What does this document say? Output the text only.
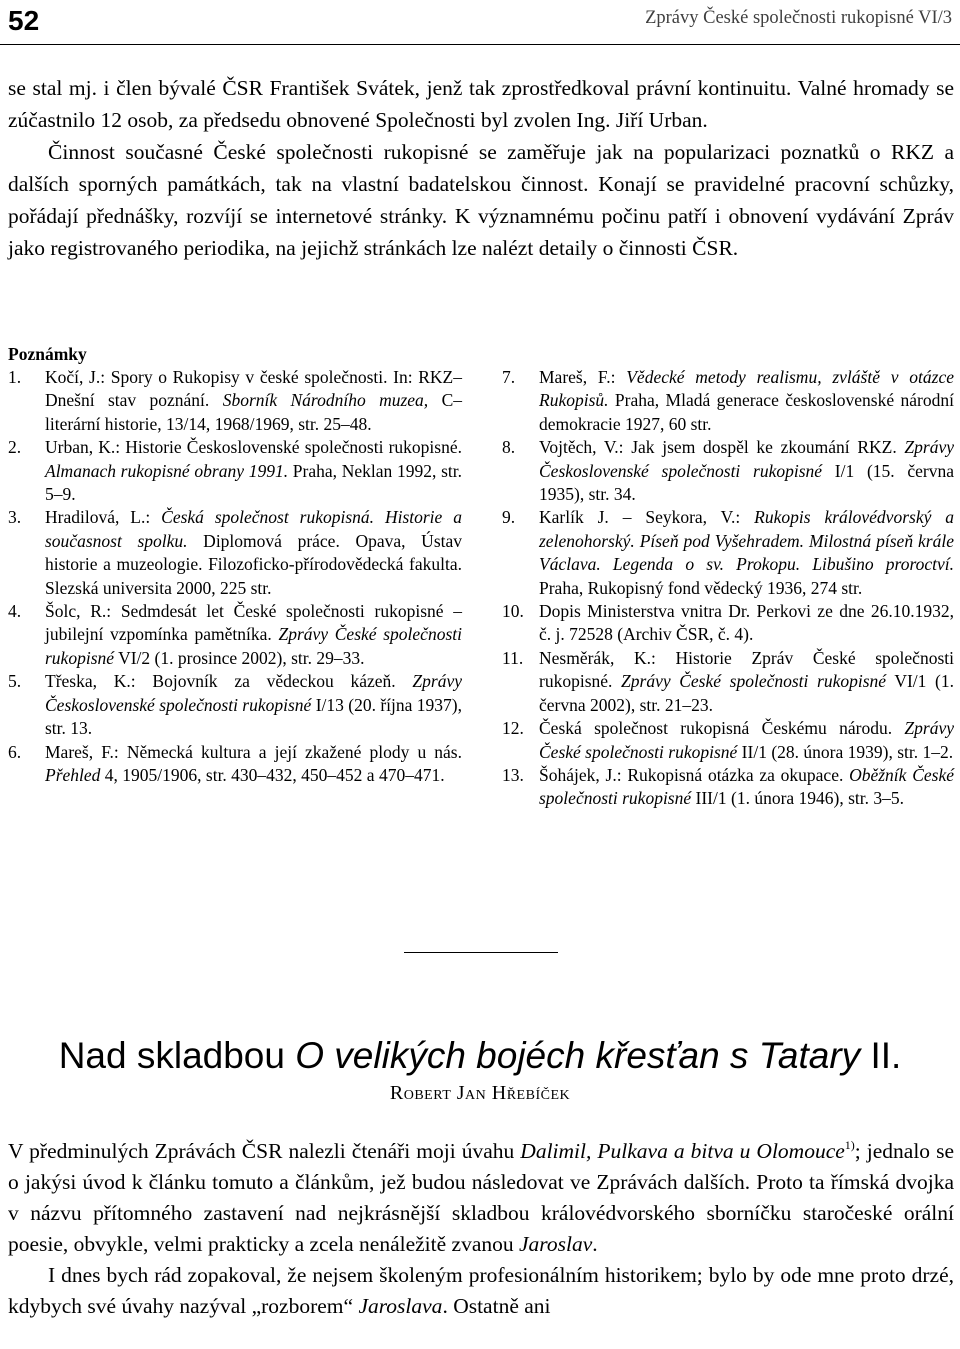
52	Zprávy České společnosti rukopisné VI/3

se stal mj. i člen bývalé ČSR František Svátek, jenž tak zprostředkoval právní kontinuitu. Valné hromady se zúčastnilo 12 osob, za předsedu obnovené Společnosti byl zvolen Ing. Jiří Urban.

Činnost současné České společnosti rukopisné se zaměřuje jak na popularizaci poznatků o RKZ a dalších sporných památkách, tak na vlastní badatelskou činnost. Konají se pravidelné pracovní schůzky, pořádají přednášky, rozvíjí se internetové stránky. K významnému počinu patří i obnovení vydávání Zpráv jako registrovaného periodika, na jejichž stránkách lze nalézt detaily o činnosti ČSR.

Poznámky
1. Kočí, J.: Spory o Rukopisy v české společnosti. In: RKZ–Dnešní stav poznání. Sborník Národního muzea, C–literární historie, 13/14, 1968/1969, str. 25–48.
2. Urban, K.: Historie Československé společnosti rukopisné. Almanach rukopisné obrany 1991. Praha, Neklan 1992, str. 5–9.
3. Hradilová, L.: Česká společnost rukopisná. Historie a současnost spolku. Diplomová práce. Opava, Ústav historie a muzeologie. Filozoficko-přírodovědecká fakulta. Slezská universita 2000, 225 str.
4. Šolc, R.: Sedmdesát let České společnosti rukopisné – jubilejní vzpomínka pamětníka. Zprávy České společnosti rukopisné VI/2 (1. prosince 2002), str. 29–33.
5. Třeska, K.: Bojovník za vědeckou kázeň. Zprávy Československé společnosti rukopisné I/13 (20. října 1937), str. 13.
6. Mareš, F.: Německá kultura a její zkažené plody u nás. Přehled 4, 1905/1906, str. 430–432, 450–452 a 470–471.
7. Mareš, F.: Vědecké metody realismu, zvláště v otázce Rukopisů. Praha, Mladá generace československé národní demokracie 1927, 60 str.
8. Vojtěch, V.: Jak jsem dospěl ke zkoumání RKZ. Zprávy Československé společnosti rukopisné I/1 (15. června 1935), str. 34.
9. Karlík J. – Seykora, V.: Rukopis královédvorský a zelenohorský. Píseň pod Vyšehradem. Milostná píseň krále Václava. Legenda o sv. Prokopu. Libušino proroctví. Praha, Rukopisný fond vědecký 1936, 274 str.
10. Dopis Ministerstva vnitra Dr. Perkovi ze dne 26.10.1932, č. j. 72528 (Archiv ČSR, č. 4).
11. Nesměrák, K.: Historie Zpráv České společnosti rukopisné. Zprávy České společnosti rukopisné VI/1 (1. června 2002), str. 21–23.
12. Česká společnost rukopisná Českému národu. Zprávy České společnosti rukopisné II/1 (28. února 1939), str. 1–2.
13. Šohájek, J.: Rukopisná otázka za okupace. Oběžník České společnosti rukopisné III/1 (1. února 1946), str. 3–5.
Nad skladbou O velikých bojéch křesťan s Tatary II.
Robert Jan Hřebíček

V předminulých Zprávách ČSR nalezli čtenáři moji úvahu Dalimil, Pulkava a bitva u Olomouce$^{1)}$; jednalo se o jakýsi úvod k článku tomuto a článkům, jež budou následovat ve Zprávách dalších. Proto ta římská dvojka v názvu přítomného zastavení nad nejkrásnější skladbou královédvorského sborníčku staročeské orální poesie, obvykle, velmi prakticky a zcela nenáležitě zvanou Jaroslav.

I dnes bych rád zopakoval, že nejsem školeným profesionálním historikem; bylo by ode mne proto drzé, kdybych své úvahy nazýval „rozborem“ Jaroslava. Ostatně ani
